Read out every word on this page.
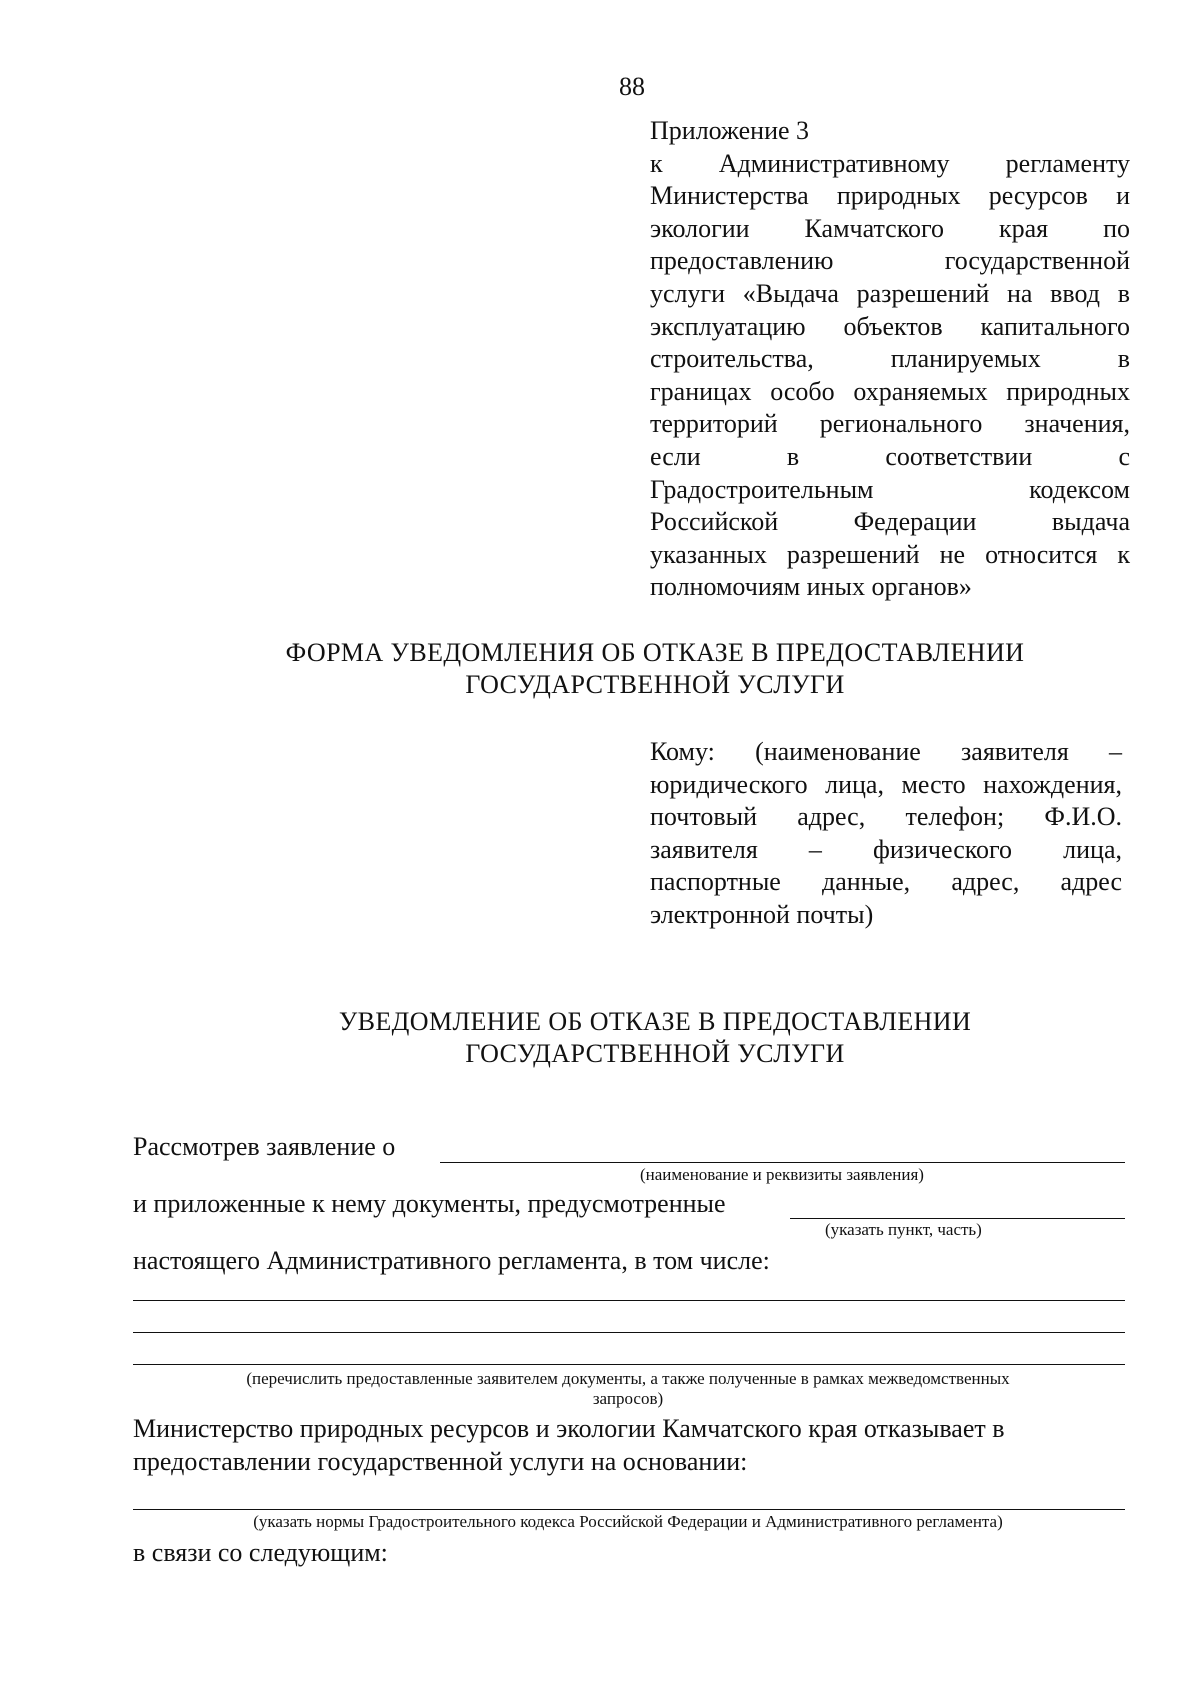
88
Приложение 3
к Административному регламенту
Министерства природных ресурсов и
экологии Камчатского края по
предоставлению государственной
услуги «Выдача разрешений на ввод в
эксплуатацию объектов капитального
строительства, планируемых в
границах особо охраняемых природных
территорий регионального значения,
если в соответствии с
Градостроительным кодексом
Российской Федерации выдача
указанных разрешений не относится к
полномочиям иных органов»
ФОРМА УВЕДОМЛЕНИЯ ОБ ОТКАЗЕ В ПРЕДОСТАВЛЕНИИ
ГОСУДАРСТВЕННОЙ УСЛУГИ
Кому: (наименование заявителя –
юридического лица, место нахождения,
почтовый адрес, телефон; Ф.И.О.
заявителя – физического лица,
паспортные данные, адрес, адрес
электронной почты)
УВЕДОМЛЕНИЕ ОБ ОТКАЗЕ В ПРЕДОСТАВЛЕНИИ
ГОСУДАРСТВЕННОЙ УСЛУГИ
Рассмотрев заявление о
(наименование и реквизиты заявления)
и приложенные к нему документы, предусмотренные
(указать пункт, часть)
настоящего Административного регламента, в том числе:
(перечислить предоставленные заявителем документы, а также полученные в рамках межведомственных
запросов)
Министерство природных ресурсов и экологии Камчатского края отказывает в предоставлении государственной услуги на основании:
(указать нормы Градостроительного кодекса Российской Федерации и Административного регламента)
в связи со следующим:
